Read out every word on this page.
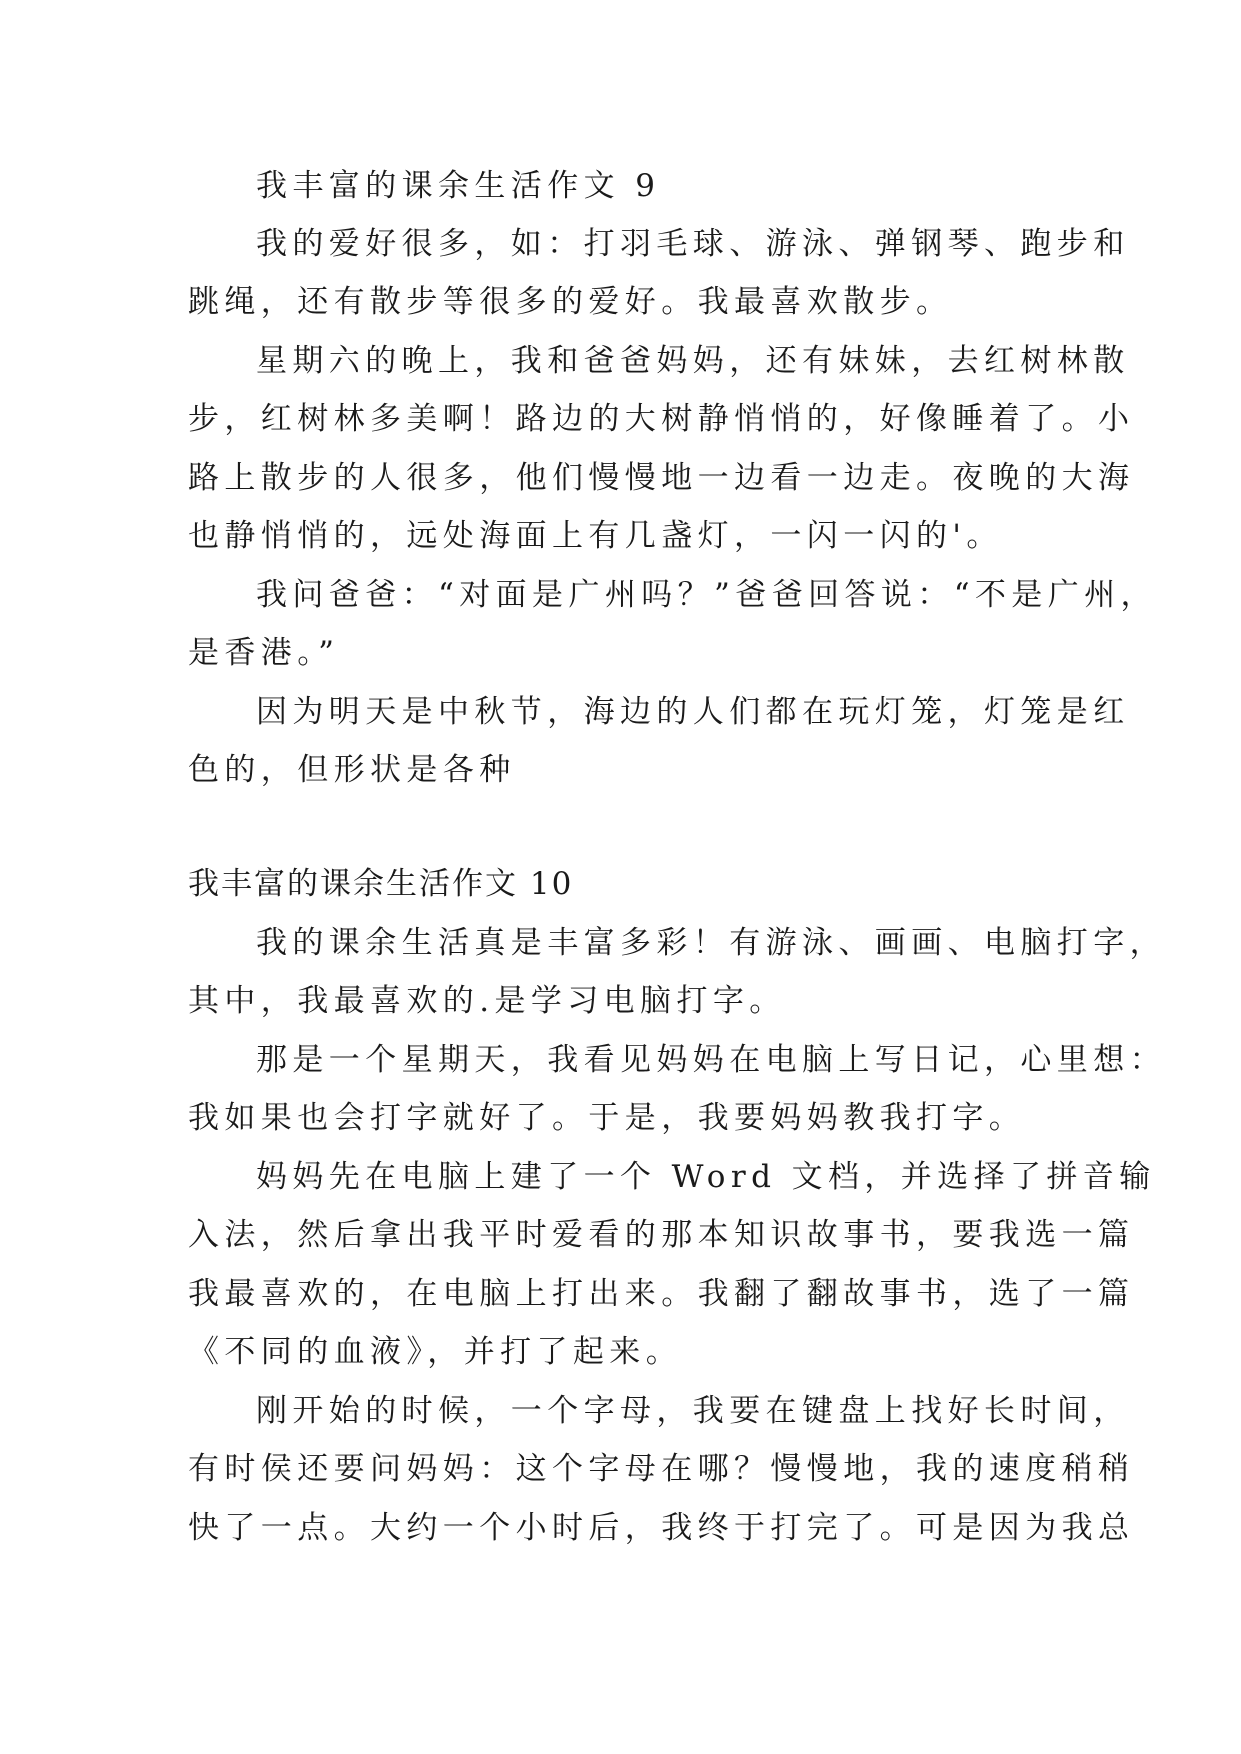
我丰富的课余生活作文 9
我的爱好很多，如：打羽毛球、游泳、弹钢琴、跑步和
跳绳，还有散步等很多的爱好。我最喜欢散步。
星期六的晚上，我和爸爸妈妈，还有妹妹，去红树林散
步，红树林多美啊！路边的大树静悄悄的，好像睡着了。小
路上散步的人很多，他们慢慢地一边看一边走。夜晚的大海
也静悄悄的，远处海面上有几盏灯，一闪一闪的'。
我问爸爸：“对面是广州吗？”爸爸回答说：“不是广州，
是香港。”
因为明天是中秋节，海边的人们都在玩灯笼，灯笼是红
色的，但形状是各种
我丰富的课余生活作文 10
我的课余生活真是丰富多彩！有游泳、画画、电脑打字，
其中，我最喜欢的.是学习电脑打字。
那是一个星期天，我看见妈妈在电脑上写日记，心里想：
我如果也会打字就好了。于是，我要妈妈教我打字。
妈妈先在电脑上建了一个 Word 文档，并选择了拼音输
入法，然后拿出我平时爱看的那本知识故事书，要我选一篇
我最喜欢的，在电脑上打出来。我翻了翻故事书，选了一篇
《不同的血液》，并打了起来。
刚开始的时候，一个字母，我要在键盘上找好长时间，
有时侯还要问妈妈：这个字母在哪？慢慢地，我的速度稍稍
快了一点。大约一个小时后，我终于打完了。可是因为我总
